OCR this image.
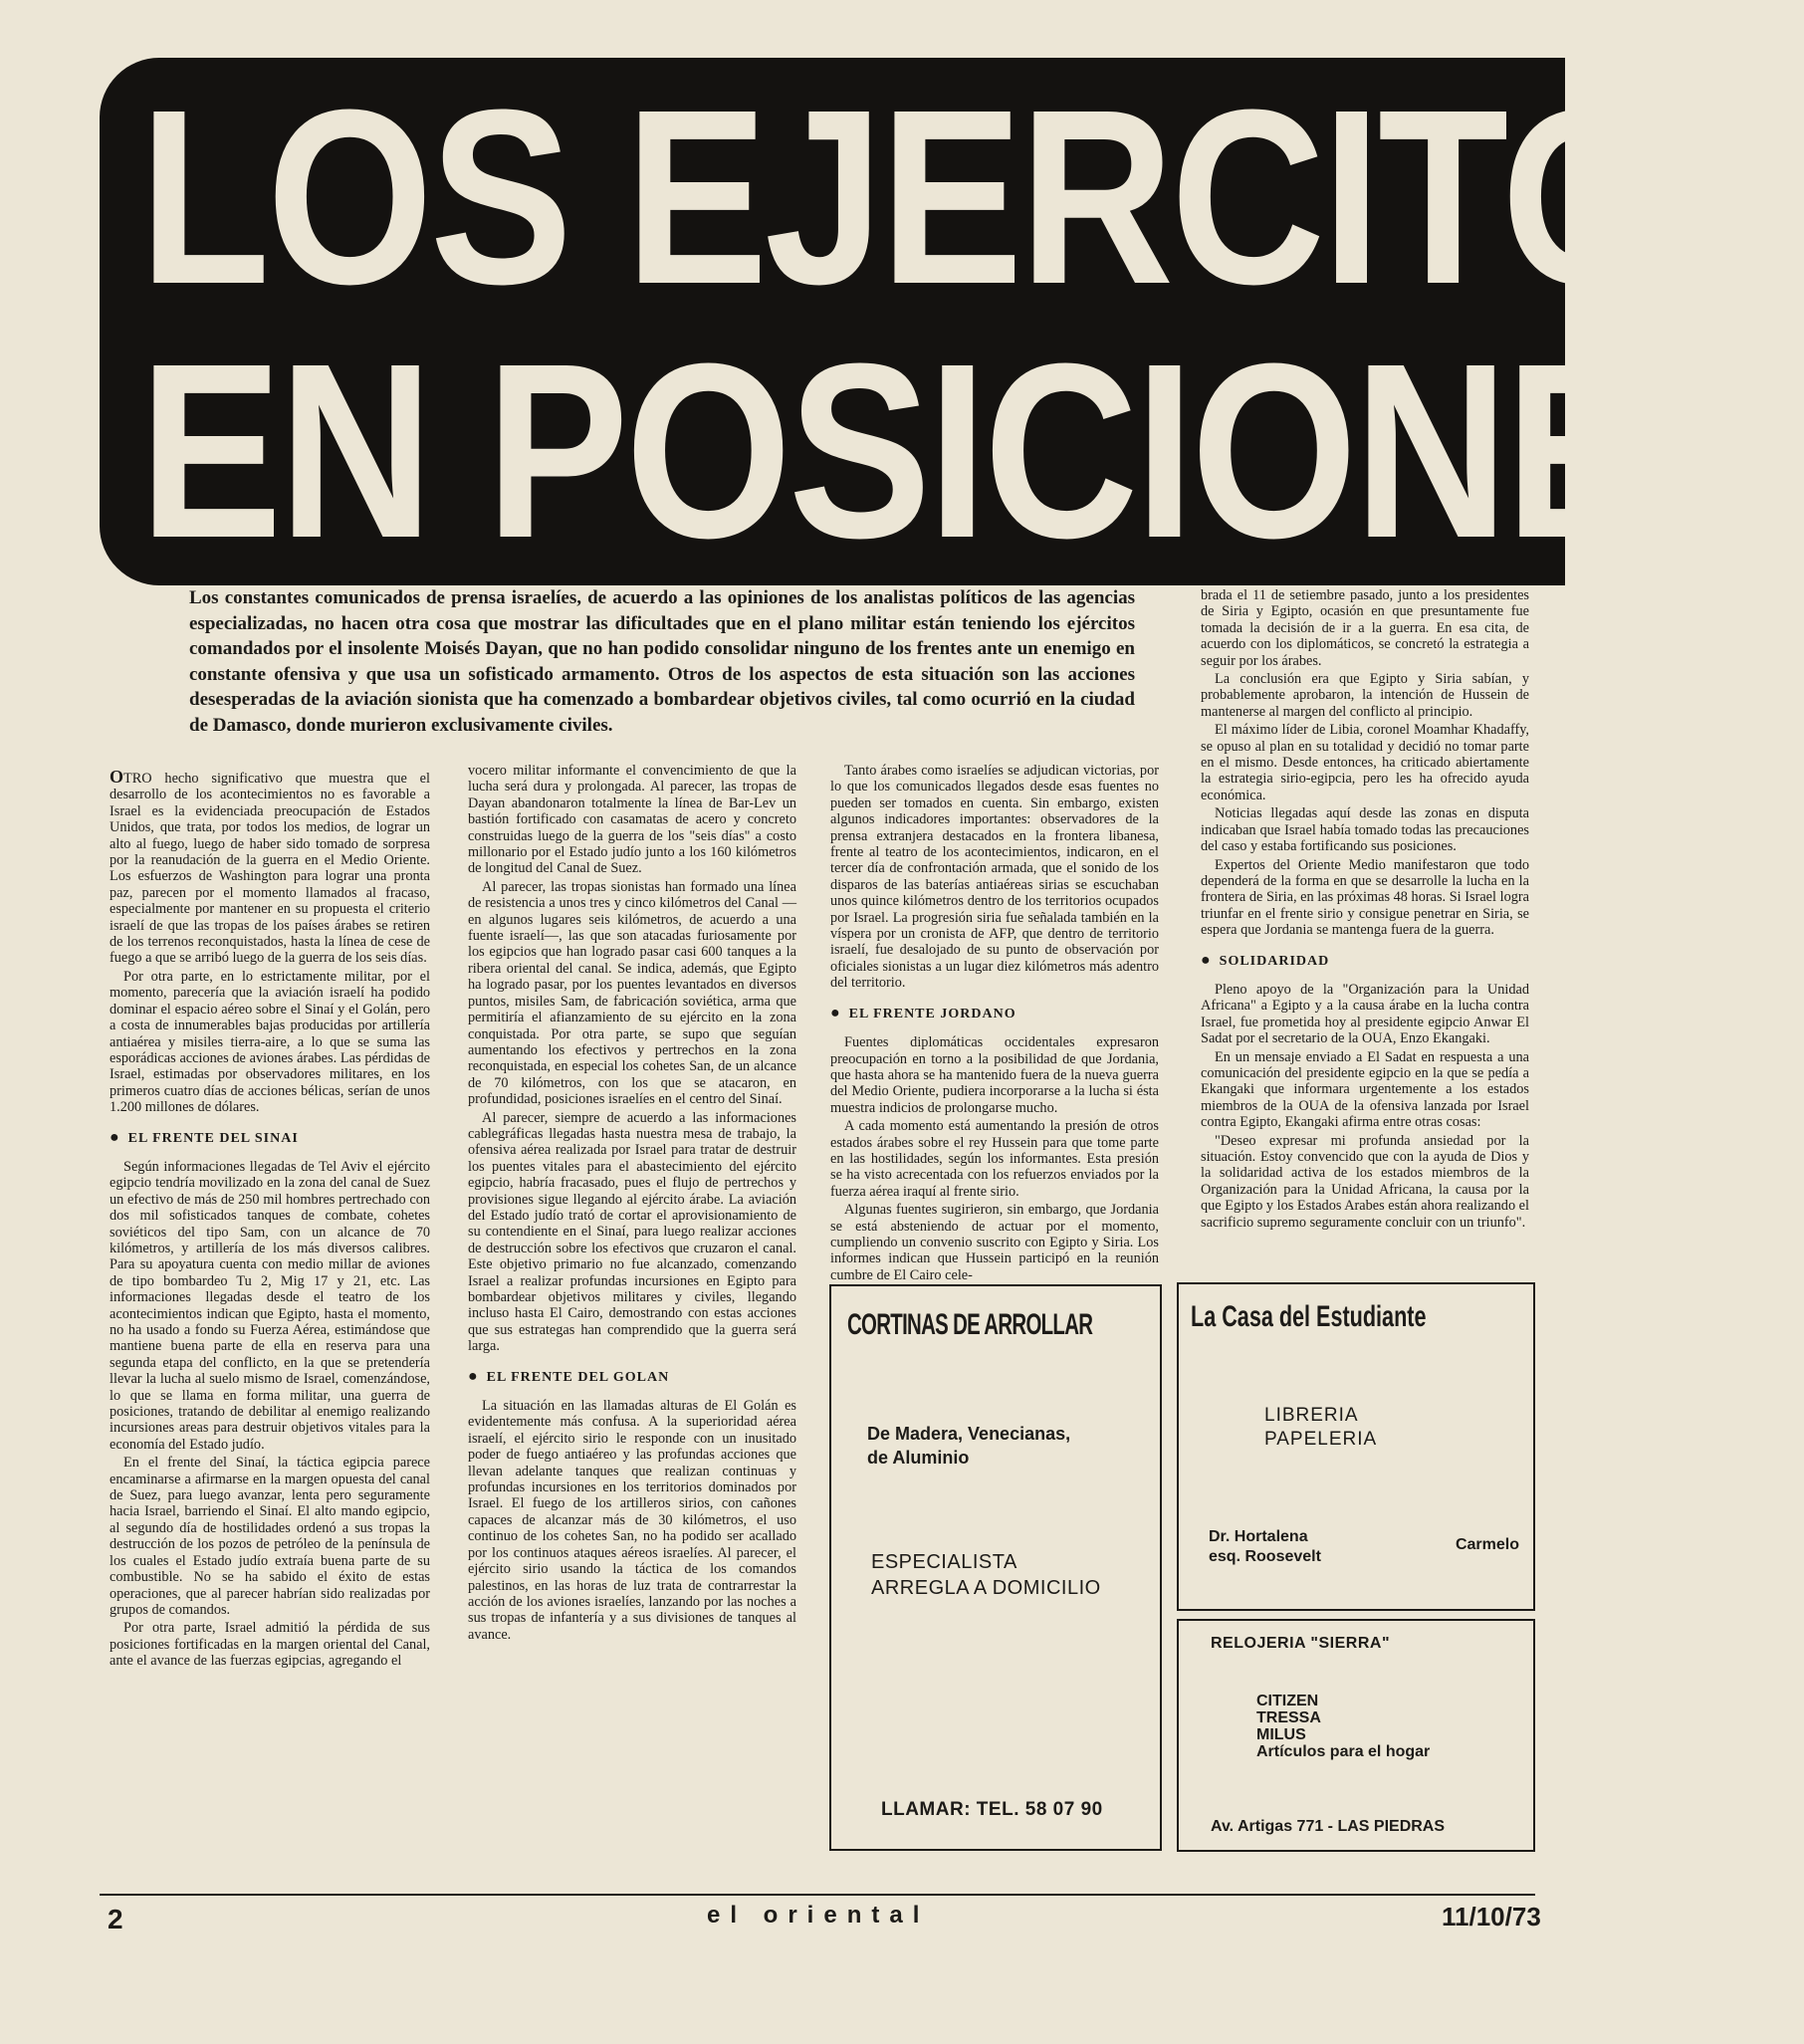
LOS EJERCITOS
EN POSICIONES
Los constantes comunicados de prensa israelíes, de acuerdo a las opiniones de los analistas políticos de las agencias especializadas, no hacen otra cosa que mostrar las dificultades que en el plano militar están teniendo los ejércitos comandados por el insolente Moisés Dayan, que no han podido consolidar ninguno de los frentes ante un enemigo en constante ofensiva y que usa un sofisticado armamento. Otros de los aspectos de esta situación son las acciones desesperadas de la aviación sionista que ha comenzado a bombardear objetivos civiles, tal como ocurrió en la ciudad de Damasco, donde murieron exclusivamente civiles.

OTRO hecho significativo que muestra que el desarrollo de los acontecimientos no es favorable a Israel es la evidenciada preocupación de Estados Unidos, que trata, por todos los medios, de lograr un alto al fuego, luego de haber sido tomado de sorpresa por la reanudación de la guerra en el Medio Oriente. Los esfuerzos de Washington para lograr una pronta paz, parecen por el momento llamados al fracaso, especialmente por mantener en su propuesta el criterio israelí de que las tropas de los países árabes se retiren de los terrenos reconquistados, hasta la línea de cese de fuego a que se arribó luego de la guerra de los seis días.

Por otra parte, en lo estrictamente militar, por el momento, parecería que la aviación israelí ha podido dominar el espacio aéreo sobre el Sinaí y el Golán, pero a costa de innumerables bajas producidas por artillería antiaérea y misiles tierra-aire, a lo que se suma las esporádicas acciones de aviones árabes. Las pérdidas de Israel, estimadas por observadores militares, en los primeros cuatro días de acciones bélicas, serían de unos 1.200 millones de dólares.

● EL FRENTE DEL SINAI

Según informaciones llegadas de Tel Aviv el ejército egipcio tendría movilizado en la zona del canal de Suez un efectivo de más de 250 mil hombres pertrechado con dos mil sofisticados tanques de combate, cohetes soviéticos del tipo Sam, con un alcance de 70 kilómetros, y artillería de los más diversos calibres. Para su apoyatura cuenta con medio millar de aviones de tipo bombardeo Tu 2, Mig 17 y 21, etc. Las informaciones llegadas desde el teatro de los acontecimientos indican que Egipto, hasta el momento, no ha usado a fondo su Fuerza Aérea, estimándose que mantiene buena parte de ella en reserva para una segunda etapa del conflicto, en la que se pretendería llevar la lucha al suelo mismo de Israel, comenzándose, lo que se llama en forma militar, una guerra de posiciones, tratando de debilitar al enemigo realizando incursiones areas para destruir objetivos vitales para la economía del Estado judío.

En el frente del Sinaí, la táctica egipcia parece encaminarse a afirmarse en la margen opuesta del canal de Suez, para luego avanzar, lenta pero seguramente hacia Israel, barriendo el Sinaí. El alto mando egipcio, al segundo día de hostilidades ordenó a sus tropas la destrucción de los pozos de petróleo de la península de los cuales el Estado judío extraía buena parte de su combustible. No se ha sabido el éxito de estas operaciones, que al parecer habrían sido realizadas por grupos de comandos.

Por otra parte, Israel admitió la pérdida de sus posiciones fortificadas en la margen oriental del Canal, ante el avance de las fuerzas egipcias, agregando el

vocero militar informante el convencimiento de que la lucha será dura y prolongada. Al parecer, las tropas de Dayan abandonaron totalmente la línea de Bar-Lev un bastión fortificado con casamatas de acero y concreto construidas luego de la guerra de los "seis días" a costo millonario por el Estado judío junto a los 160 kilómetros de longitud del Canal de Suez.

Al parecer, las tropas sionistas han formado una línea de resistencia a unos tres y cinco kilómetros del Canal —en algunos lugares seis kilómetros, de acuerdo a una fuente israelí—, las que son atacadas furiosamente por los egipcios que han logrado pasar casi 600 tanques a la ribera oriental del canal. Se indica, además, que Egipto ha logrado pasar, por los puentes levantados en diversos puntos, misiles Sam, de fabricación soviética, arma que permitiría el afianzamiento de su ejército en la zona conquistada. Por otra parte, se supo que seguían aumentando los efectivos y pertrechos en la zona reconquistada, en especial los cohetes San, de un alcance de 70 kilómetros, con los que se atacaron, en profundidad, posiciones israelíes en el centro del Sinaí.

Al parecer, siempre de acuerdo a las informaciones cablegráficas llegadas hasta nuestra mesa de trabajo, la ofensiva aérea realizada por Israel para tratar de destruir los puentes vitales para el abastecimiento del ejército egipcio, habría fracasado, pues el flujo de pertrechos y provisiones sigue llegando al ejército árabe. La aviación del Estado judío trató de cortar el aprovisionamiento de su contendiente en el Sinaí, para luego realizar acciones de destrucción sobre los efectivos que cruzaron el canal. Este objetivo primario no fue alcanzado, comenzando Israel a realizar profundas incursiones en Egipto para bombardear objetivos militares y civiles, llegando incluso hasta El Cairo, demostrando con estas acciones que sus estrategas han comprendido que la guerra será larga.

● EL FRENTE DEL GOLAN

La situación en las llamadas alturas de El Golán es evidentemente más confusa. A la superioridad aérea israelí, el ejército sirio le responde con un inusitado poder de fuego antiaéreo y las profundas acciones que llevan adelante tanques que realizan continuas y profundas incursiones en los territorios dominados por Israel. El fuego de los artilleros sirios, con cañones capaces de alcanzar más de 30 kilómetros, el uso continuo de los cohetes San, no ha podido ser acallado por los continuos ataques aéreos israelíes. Al parecer, el ejército sirio usando la táctica de los comandos palestinos, en las horas de luz trata de contrarrestar la acción de los aviones israelíes, lanzando por las noches a sus tropas de infantería y a sus divisiones de tanques al avance.

Tanto árabes como israelíes se adjudican victorias, por lo que los comunicados llegados desde esas fuentes no pueden ser tomados en cuenta. Sin embargo, existen algunos indicadores importantes: observadores de la prensa extranjera destacados en la frontera libanesa, frente al teatro de los acontecimientos, indicaron, en el tercer día de confrontación armada, que el sonido de los disparos de las baterías antiaéreas sirias se escuchaban unos quince kilómetros dentro de los territorios ocupados por Israel. La progresión siria fue señalada también en la víspera por un cronista de AFP, que dentro de territorio israelí, fue desalojado de su punto de observación por oficiales sionistas a un lugar diez kilómetros más adentro del territorio.

● EL FRENTE JORDANO

Fuentes diplomáticas occidentales expresaron preocupación en torno a la posibilidad de que Jordania, que hasta ahora se ha mantenido fuera de la nueva guerra del Medio Oriente, pudiera incorporarse a la lucha si ésta muestra indicios de prolongarse mucho.

A cada momento está aumentando la presión de otros estados árabes sobre el rey Hussein para que tome parte en las hostilidades, según los informantes. Esta presión se ha visto acrecentada con los refuerzos enviados por la fuerza aérea iraquí al frente sirio.

Algunas fuentes sugirieron, sin embargo, que Jordania se está absteniendo de actuar por el momento, cumpliendo un convenio suscrito con Egipto y Siria. Los informes indican que Hussein participó en la reunión cumbre de El Cairo cele-

brada el 11 de setiembre pasado, junto a los presidentes de Siria y Egipto, ocasión en que presuntamente fue tomada la decisión de ir a la guerra. En esa cita, de acuerdo con los diplomáticos, se concretó la estrategia a seguir por los árabes.

La conclusión era que Egipto y Siria sabían, y probablemente aprobaron, la intención de Hussein de mantenerse al margen del conflicto al principio.

El máximo líder de Libia, coronel Moamhar Khadaffy, se opuso al plan en su totalidad y decidió no tomar parte en el mismo. Desde entonces, ha criticado abiertamente la estrategia sirio-egipcia, pero les ha ofrecido ayuda económica.

Noticias llegadas aquí desde las zonas en disputa indicaban que Israel había tomado todas las precauciones del caso y estaba fortificando sus posiciones.

Expertos del Oriente Medio manifestaron que todo dependerá de la forma en que se desarrolle la lucha en la frontera de Siria, en las próximas 48 horas. Si Israel logra triunfar en el frente sirio y consigue penetrar en Siria, se espera que Jordania se mantenga fuera de la guerra.

● SOLIDARIDAD

Pleno apoyo de la "Organización para la Unidad Africana" a Egipto y a la causa árabe en la lucha contra Israel, fue prometida hoy al presidente egipcio Anwar El Sadat por el secretario de la OUA, Enzo Ekangaki.

En un mensaje enviado a El Sadat en respuesta a una comunicación del presidente egipcio en la que se pedía a Ekangaki que informara urgentemente a los estados miembros de la OUA de la ofensiva lanzada por Israel contra Egipto, Ekangaki afirma entre otras cosas:

"Deseo expresar mi profunda ansiedad por la situación. Estoy convencido que con la ayuda de Dios y la solidaridad activa de los estados miembros de la Organización para la Unidad Africana, la causa por la que Egipto y los Estados Arabes están ahora realizando el sacrificio supremo seguramente concluir con un triunfo".

CORTINAS DE ARROLLAR
De Madera, Venecianas,
de Aluminio
ESPECIALISTA
ARREGLA A DOMICILIO
LLAMAR: TEL. 58 07 90
La Casa del Estudiante
LIBRERIA
PAPELERIA
Dr. Hortalena
esq. Roosevelt
Carmelo
RELOJERIA "SIERRA"
CITIZEN
TRESSA
MILUS
Artículos para el hogar
Av. Artigas 771 - LAS PIEDRAS
2	el oriental	11/10/73
